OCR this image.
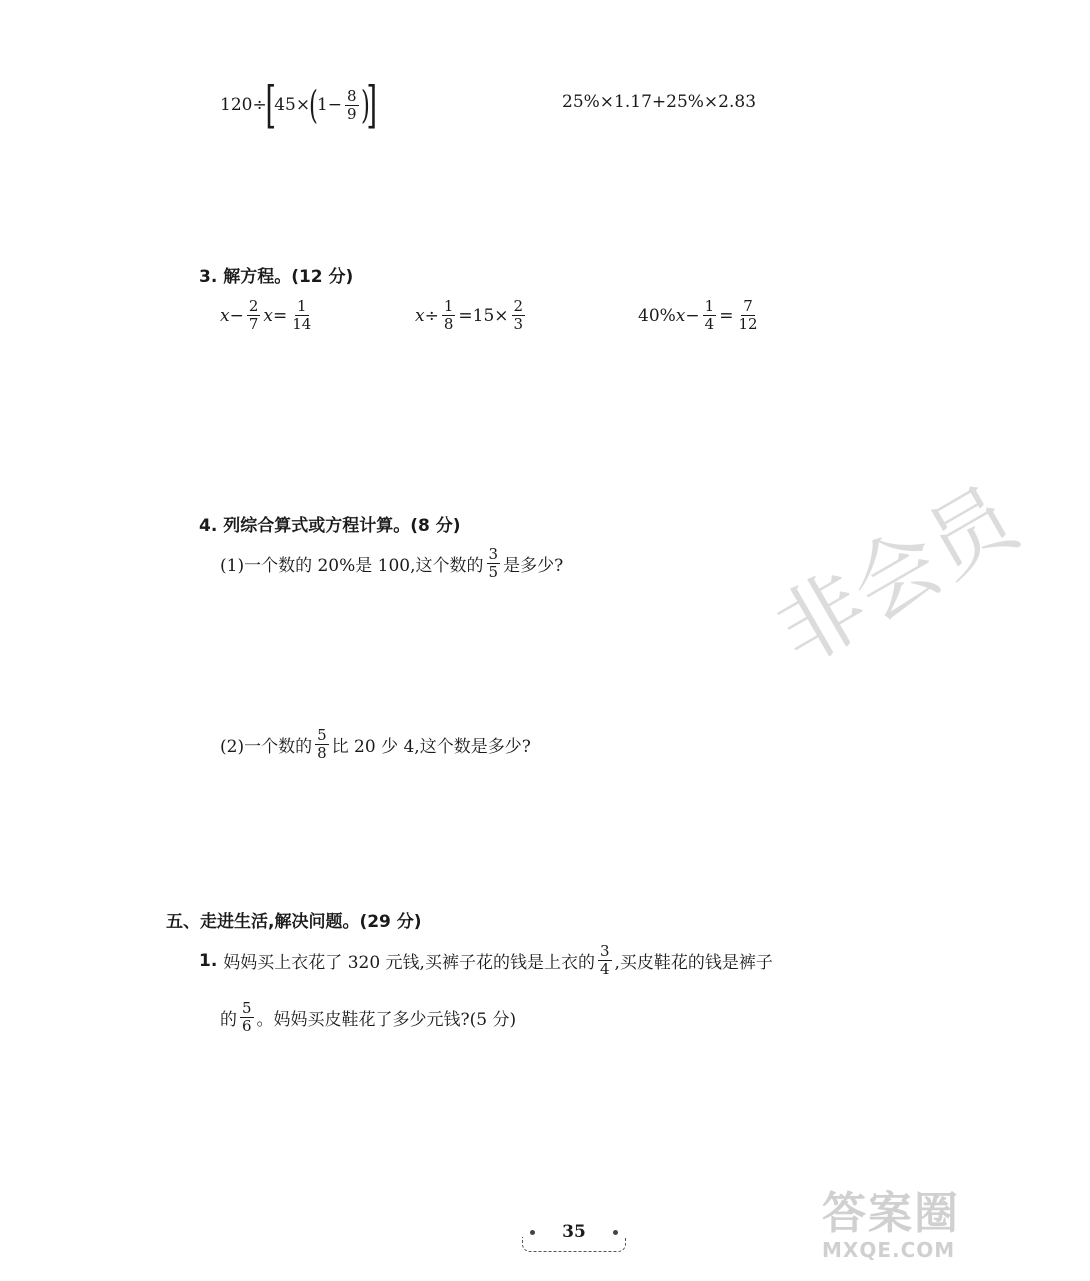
120÷
[
45×
(
$1- \frac{8}{9}$ )
]	25%×1.17+25%×2.83
3. 解方程。(12 分)
$x - \frac{2}{7}$ $x = \frac{1}{14}$	$x \div \frac{1}{8} =15\times \frac{2}{3}$	40% $x - \frac{1}{4} = \frac{7}{12}$
4. 列综合算式或方程计算。(8 分)
(1)一个数的 20%是 100,这个数的 $\frac{3}{5}$ 是多少?
(2)一个数的 $\frac{5}{8}$ 比 20 少 4,这个数是多少?
五、走进生活,解决问题。(29 分)
1. 妈妈买上衣花了 320 元钱,买裤子花的钱是上衣的 $\frac{3}{4}$ ,买皮鞋花的钱是裤子
的 $\frac{5}{6}$ 。妈妈买皮鞋花了多少元钱?(5 分)
非会员
35	答案圈
MXQE.COM
